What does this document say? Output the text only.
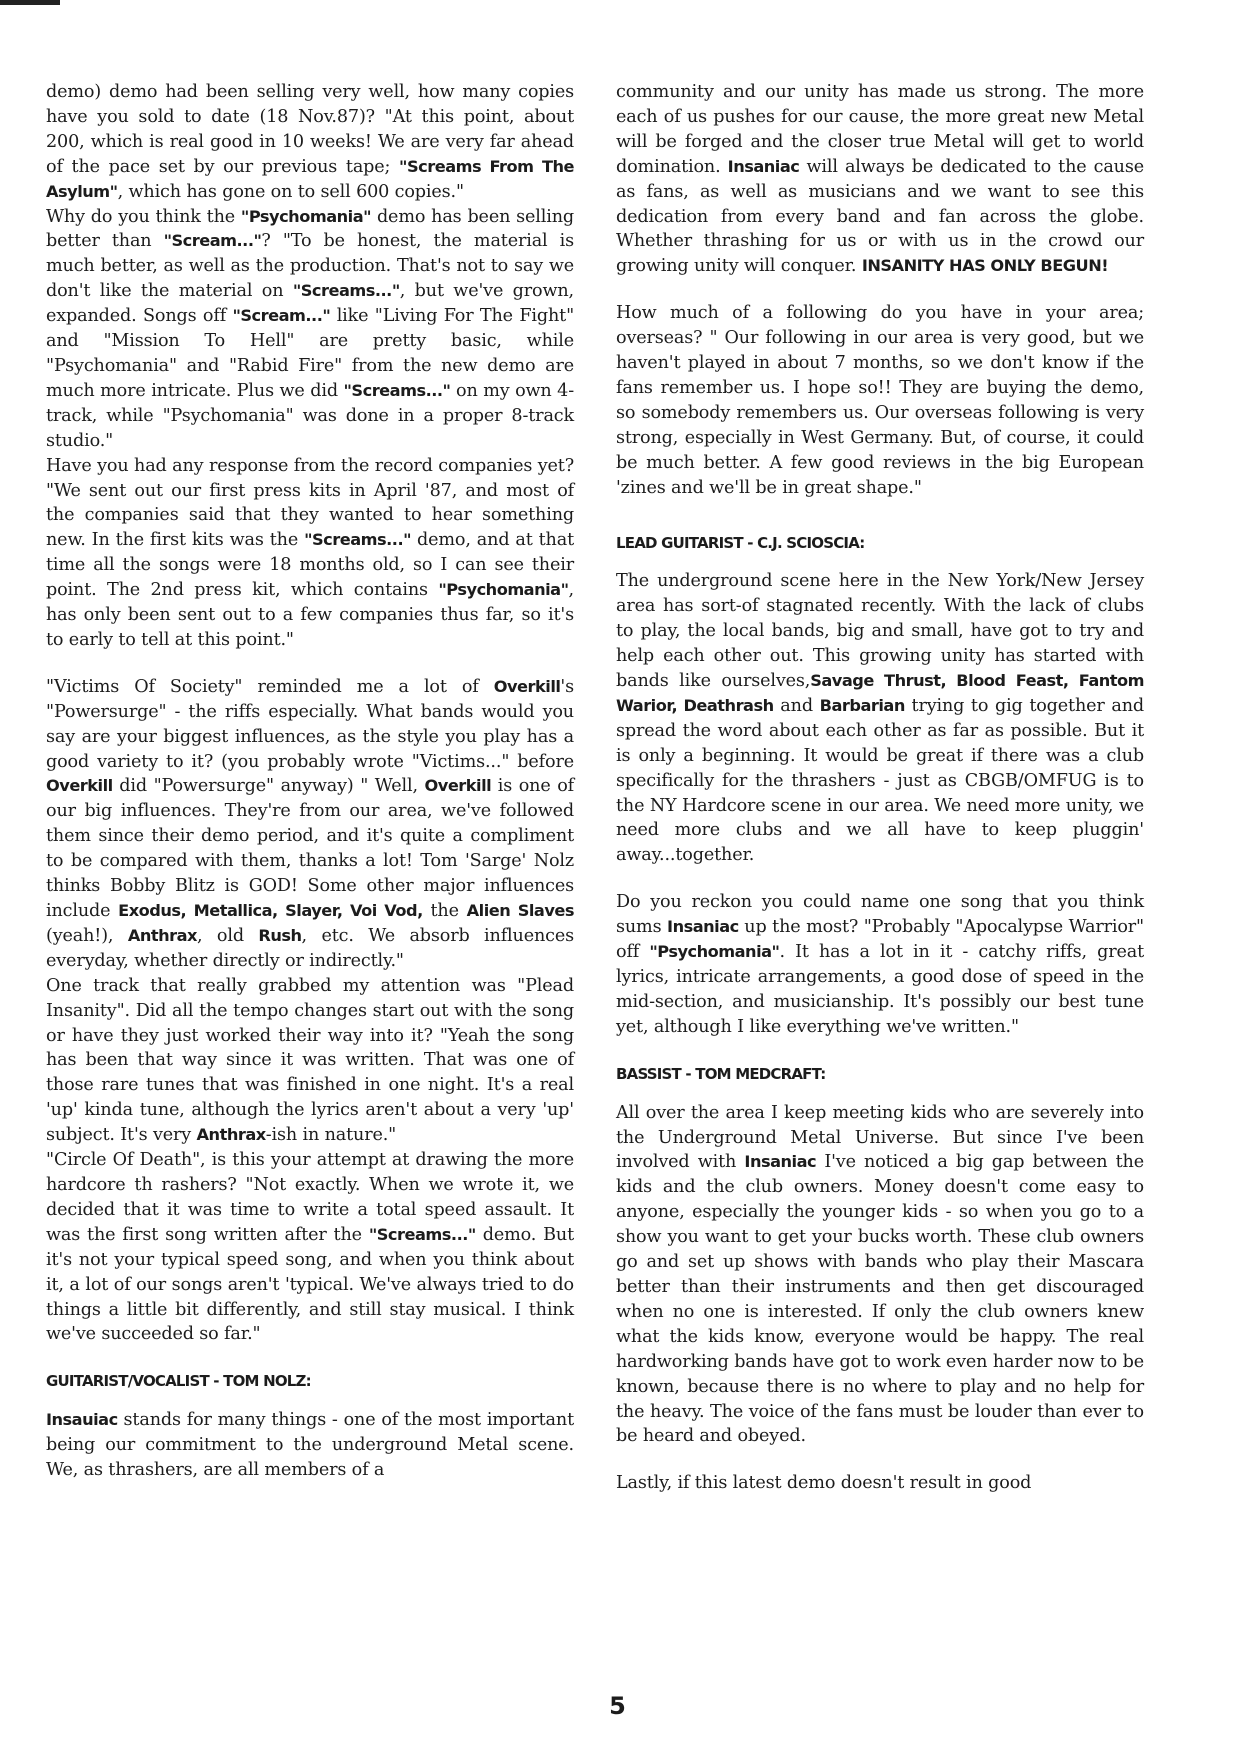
demo) demo had been selling very well, how many copies have you sold to date (18 Nov.87)? "At this point, about 200, which is real good in 10 weeks! We are very far ahead of the pace set by our previous tape; "Screams From The Asylum", which has gone on to sell 600 copies."

Why do you think the "Psychomania" demo has been selling better than "Scream..."? "To be honest, the material is much better, as well as the production. That's not to say we don't like the material on "Screams...", but we've grown, expanded. Songs off "Scream..." like "Living For The Fight" and "Mission To Hell" are pretty basic, while "Psychomania" and "Rabid Fire" from the new demo are much more intricate. Plus we did "Screams..." on my own 4-track, while "Psychomania" was done in a proper 8-track studio."

Have you had any response from the record companies yet? "We sent out our first press kits in April '87, and most of the companies said that they wanted to hear something new. In the first kits was the "Screams..." demo, and at that time all the songs were 18 months old, so I can see their point. The 2nd press kit, which contains "Psychomania", has only been sent out to a few companies thus far, so it's to early to tell at this point."

"Victims Of Society" reminded me a lot of Overkill's "Powersurge" - the riffs especially. What bands would you say are your biggest influences, as the style you play has a good variety to it? (you probably wrote "Victims..." before Overkill did "Powersurge" anyway) " Well, Overkill is one of our big influences. They're from our area, we've followed them since their demo period, and it's quite a compliment to be compared with them, thanks a lot! Tom 'Sarge' Nolz thinks Bobby Blitz is GOD! Some other major influences include Exodus, Metallica, Slayer, Voi Vod, the Alien Slaves (yeah!), Anthrax, old Rush, etc. We absorb influences everyday, whether directly or indirectly."

One track that really grabbed my attention was "Plead Insanity". Did all the tempo changes start out with the song or have they just worked their way into it? "Yeah the song has been that way since it was written. That was one of those rare tunes that was finished in one night. It's a real 'up' kinda tune, although the lyrics aren't about a very 'up' subject. It's very Anthrax-ish in nature."

"Circle Of Death", is this your attempt at drawing the more hardcore th rashers? "Not exactly. When we wrote it, we decided that it was time to write a total speed assault. It was the first song written after the "Screams..." demo. But it's not your typical speed song, and when you think about it, a lot of our songs aren't 'typical. We've always tried to do things a little bit differently, and still stay musical. I think we've succeeded so far."

GUITARIST/VOCALIST - TOM NOLZ:

Insauiac stands for many things - one of the most important being our commitment to the underground Metal scene. We, as thrashers, are all members of a

community and our unity has made us strong. The more each of us pushes for our cause, the more great new Metal will be forged and the closer true Metal will get to world domination. Insaniac will always be dedicated to the cause as fans, as well as musicians and we want to see this dedication from every band and fan across the globe. Whether thrashing for us or with us in the crowd our growing unity will conquer. INSANITY HAS ONLY BEGUN!

How much of a following do you have in your area; overseas? " Our following in our area is very good, but we haven't played in about 7 months, so we don't know if the fans remember us. I hope so!! They are buying the demo, so somebody remembers us. Our overseas following is very strong, especially in West Germany. But, of course, it could be much better. A few good reviews in the big European 'zines and we'll be in great shape."

LEAD GUITARIST - C.J. SCIOSCIA:

The underground scene here in the New York/New Jersey area has sort-of stagnated recently. With the lack of clubs to play, the local bands, big and small, have got to try and help each other out. This growing unity has started with bands like ourselves,Savage Thrust, Blood Feast, Fantom Warior, Deathrash and Barbarian trying to gig together and spread the word about each other as far as possible. But it is only a beginning. It would be great if there was a club specifically for the thrashers - just as CBGB/OMFUG is to the NY Hardcore scene in our area. We need more unity, we need more clubs and we all have to keep pluggin' away...together.

Do you reckon you could name one song that you think sums Insaniac up the most? "Probably "Apocalypse Warrior" off "Psychomania". It has a lot in it - catchy riffs, great lyrics, intricate arrangements, a good dose of speed in the mid-section, and musicianship. It's possibly our best tune yet, although I like everything we've written."

BASSIST - TOM MEDCRAFT:

All over the area I keep meeting kids who are severely into the Underground Metal Universe. But since I've been involved with Insaniac I've noticed a big gap between the kids and the club owners. Money doesn't come easy to anyone, especially the younger kids - so when you go to a show you want to get your bucks worth. These club owners go and set up shows with bands who play their Mascara better than their instruments and then get discouraged when no one is interested. If only the club owners knew what the kids know, everyone would be happy. The real hardworking bands have got to work even harder now to be known, because there is no where to play and no help for the heavy. The voice of the fans must be louder than ever to be heard and obeyed.

Lastly, if this latest demo doesn't result in good

5
